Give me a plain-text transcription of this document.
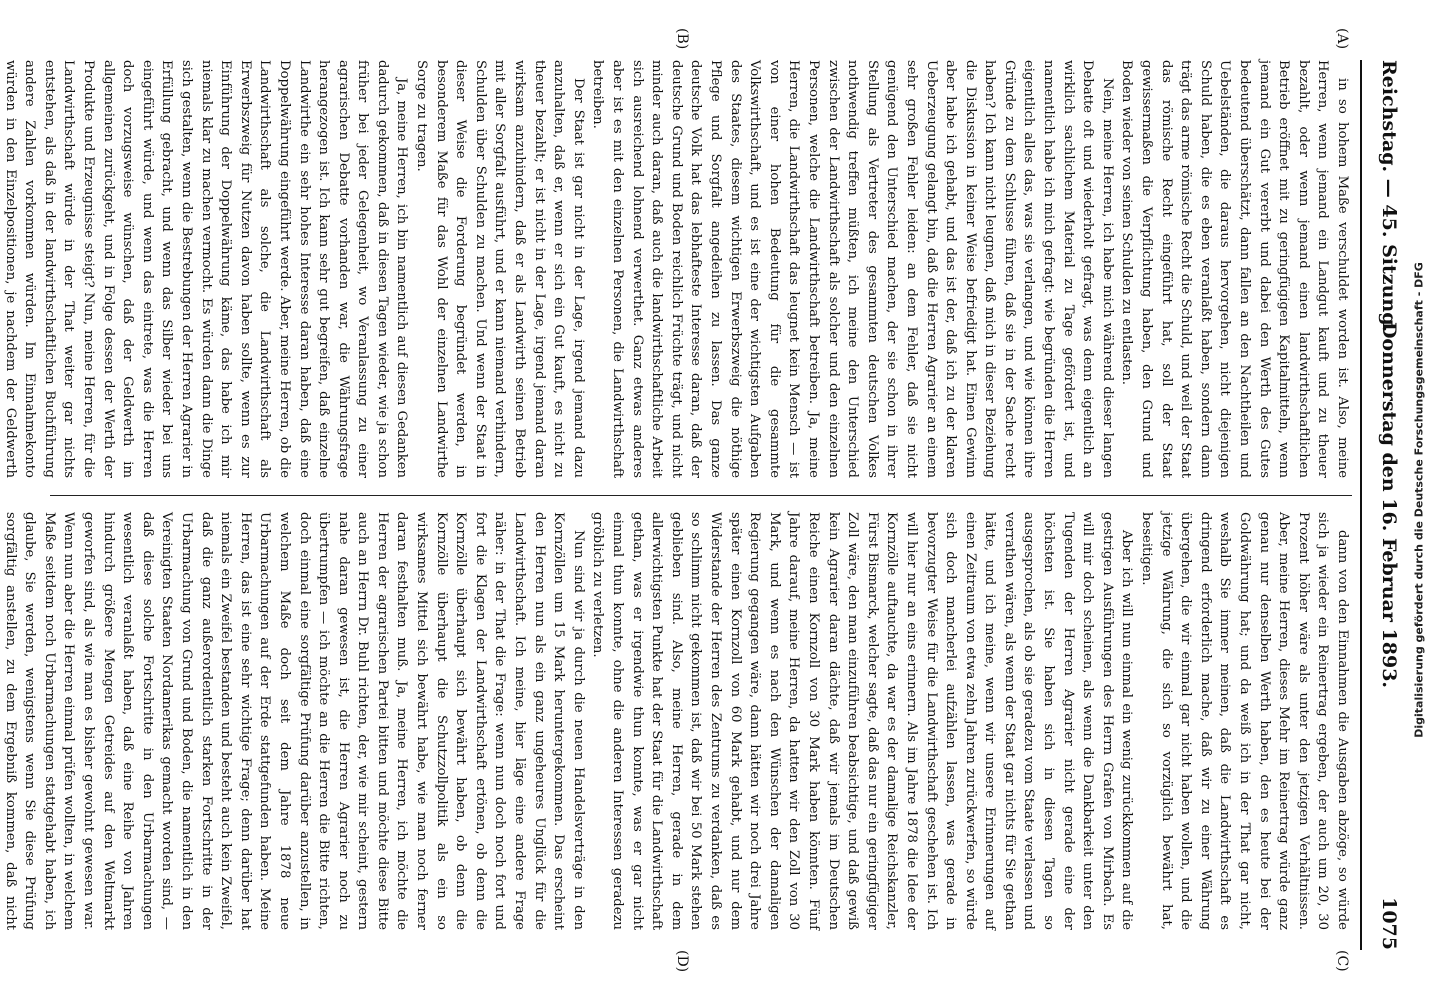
Reichstag. — 45. Sitzung.
Donnerstag den 16. Februar 1893.
1075
(A)
(B)
(C)
(D)

in so hohem Maße verschuldet worden ist. Also, meine Herren, wenn jemand ein Landgut kauft und zu theuer bezahlt, oder wenn jemand einen landwirthschaftlichen Betrieb eröffnet mit zu geringfügigen Kapitalmitteln, wenn jemand ein Gut vererbt und dabei den Werth des Gutes bedeutend überschätzt, dann fallen an den Nachtheilen und Uebelständen, die daraus hervorgehen, nicht diejenigen Schuld haben, die es eben veranlaßt haben, sondern dann trägt das arme römische Recht die Schuld, und weil der Staat das römische Recht eingeführt hat, soll der Staat gewissermaßen die Verpflichtung haben, den Grund und Boden wieder von seinen Schulden zu entlasten.

Nein, meine Herren, ich habe mich während dieser langen Debatte oft und wiederholt gefragt, was denn eigentlich an wirklich sachlichem Material zu Tage gefördert ist, und namentlich habe ich mich gefragt: wie begründen die Herren eigentlich alles das, was sie verlangen, und wie können ihre Gründe zu dem Schlusse führen, daß sie in der Sache recht haben? Ich kann nicht leugnen, daß mich in dieser Beziehung die Diskussion in keiner Weise befriedigt hat. Einen Gewinn aber habe ich gehabt, und das ist der, daß ich zu der klaren Ueberzeugung gelangt bin, daß die Herren Agrarier an einem sehr großen Fehler leiden: an dem Fehler, daß sie nicht genügend den Unterschied machen, der sie schon in ihrer Stellung als Vertreter des gesammten deutschen Volkes nothwendig treffen müßten, ich meine den Unterschied zwischen der Landwirthschaft als solcher und den einzelnen Personen, welche die Landwirthschaft betreiben. Ja, meine Herren, die Landwirthschaft das leugnet kein Mensch — ist von einer hohen Bedeutung für die gesammte Volkswirthschaft, und es ist eine der wichtigsten Aufgaben des Staates, diesem wichtigen Erwerbszweig die nöthige Pflege und Sorgfalt angedeihen zu lassen. Das ganze deutsche Volk hat das lebhafteste Interesse daran, daß der deutsche Grund und Boden reichlich Früchte trägt, und nicht minder auch daran, daß auch die landwirthschaftliche Arbeit sich ausreichend lohnend verwerthet. Ganz etwas anderes aber ist es mit den einzelnen Personen, die Landwirthschaft betreiben.

Der Staat ist gar nicht in der Lage, irgend jemand dazu anzuhalten, daß er, wenn er sich ein Gut kauft, es nicht zu theuer bezahlt; er ist nicht in der Lage, irgend jemand daran wirksam anzuhindern, daß er als Landwirth seinen Betrieb mit aller Sorgfalt ausführt, und er kann niemand verhindern, Schulden über Schulden zu machen. Und wenn der Staat in dieser Weise die Forderung begründet werden, in besonderem Maße für das Wohl der einzelnen Landwirthe Sorge zu tragen.

Ja, meine Herren, ich bin namentlich auf diesen Gedanken dadurch gekommen, daß in diesen Tagen wieder, wie ja schon früher bei jeder Gelegenheit, wo Veranlassung zu einer agrarischen Debatte vorhanden war, die Währungsfrage herangezogen ist. Ich kann sehr gut begreifen, daß einzelne Landwirthe ein sehr hohes Interesse daran haben, daß eine Doppelwährung eingeführt werde. Aber, meine Herren, ob die Landwirthschaft als solche, die Landwirthschaft als Erwerbszweig für Nutzen davon haben sollte, wenn es zur Einführung der Doppelwährung käme, das habe ich mir niemals klar zu machen vermocht. Es würden dann die Dinge sich gestalten, wenn die Bestrebungen der Herren Agrarier in Erfüllung gebracht, und wenn das Silber wieder bei uns eingeführt würde, und wenn das eintrete, was die Herren doch vorzugsweise wünschen, daß der Geldwerth im allgemeinen zurückgeht, und in Folge dessen der Werth der Produkte und Erzeugnisse steigt? Nun, meine Herren, für die Landwirthschaft würde in der That weiter gar nichts entstehen, als daß in der landwirthschaftlichen Buchführung andere Zahlen vorkommen würden. Im Einnahmekonto würden in den Einzelpositionen, je nachdem der Geldwerth

dann von den Einnahmen die Ausgaben abzöge, so würde sich ja wieder ein Reinertrag ergeben, der auch um 20, 30 Prozent höher wäre als unter den jetzigen Verhältnissen. Aber, meine Herren, dieses Mehr im Reinertrag würde ganz genau nur denselben Werth haben, den es heute bei der Goldwährung hat; und da weiß ich in der That gar nicht, weshalb Sie immer meinen, daß die Landwirthschaft es dringend erforderlich mache, daß wir zu einer Währung übergehen, die wir einmal gar nicht haben wollen, und die jetzige Währung, die sich so vorzüglich bewährt hat, beseitigen.

Aber ich will nun einmal ein wenig zurückkommen auf die gestrigen Ausführungen des Herrn Grafen von Mirbach. Es will mir doch scheinen, als wenn die Dankbarkeit unter den Tugenden der Herren Agrarier nicht gerade eine der höchsten ist. Sie haben sich in diesen Tagen so ausgesprochen, als ob sie geradezu vom Staate verlassen und verrathen wären, als wenn der Staat gar nichts für Sie gethan hätte, und ich meine, wenn wir unsere Erinnerungen auf einen Zeitraum von etwa zehn Jahren zurückwerfen, so würde sich doch mancherlei aufzählen lassen, was gerade in bevorzugter Weise für die Landwirthschaft geschehen ist. Ich will hier nur an eins erinnern. Als im Jahre 1878 die Idee der Kornzölle auftauchte, da war es der damalige Reichskanzler, Fürst Bismarck, welcher sagte, daß das nur ein geringfügiger Zoll wäre, den man einzuführen beabsichtige, und daß gewiß kein Agrarier daran dächte, daß wir jemals im Deutschen Reiche einen Kornzoll von 30 Mark haben könnten. Fünf Jahre darauf, meine Herren, da hatten wir den Zoll von 30 Mark, und wenn es nach den Wünschen der damaligen Regierung gegangen wäre, dann hätten wir noch drei Jahre später einen Kornzoll von 60 Mark gehabt, und nur dem Widerstande der Herren des Zentrums zu verdanken, daß es so schlimm nicht gekommen ist, daß wir bei 50 Mark stehen geblieben sind. Also, meine Herren, gerade in dem allerwichtigsten Punkte hat der Staat für die Landwirthschaft gethan, was er irgendwie thun konnte, was er gar nicht einmal thun konnte, ohne die anderen Interessen geradezu gröblich zu verletzen.

Nun sind wir ja durch die neuen Handelsverträge in den Kornzöllen um 15 Mark heruntergekommen. Das erscheint den Herren nun als ein ganz ungeheures Unglück für die Landwirthschaft. Ich meine, hier läge eine andere Frage näher: in der That die Frage: wenn nun doch noch fort und fort die Klagen der Landwirthschaft ertönen, ob denn die Kornzölle überhaupt sich bewährt haben, ob denn die Kornzölle überhaupt die Schutzzollpolitik als ein so wirksames Mittel sich bewährt habe, wie man noch ferner daran festhalten muß. Ja, meine Herren, ich möchte die Herren der agrarischen Partei bitten und möchte diese Bitte auch an Herrn Dr. Buhl richten, der, wie mir scheint, gestern nahe daran gewesen ist, die Herren Agrarier noch zu übertrumpfen — ich möchte an die Herren die Bitte richten, doch einmal eine sorgfältige Prüfung darüber anzustellen, in welchem Maße doch seit dem Jahre 1878 neue Urbarmachungen auf der Erde stattgefunden haben. Meine Herren, das ist eine sehr wichtige Frage; denn darüber hat niemals ein Zweifel bestanden und besteht auch kein Zweifel, daß die ganz außerordentlich starken Fortschritte in der Urbarmachung von Grund und Boden, die namentlich in den Vereinigten Staaten Nordamerikas gemacht worden sind, — daß diese solche Fortschritte in den Urbarmachungen wesentlich veranlaßt haben, daß eine Reihe von Jahren hindurch größere Mengen Getreides auf den Weltmarkt geworfen sind, als wie man es bisher gewohnt gewesen war. Wenn nun aber die Herren einmal prüfen wollten, in welchem Maße seitdem noch Urbarmachungen stattgehabt haben, ich glaube, Sie werden, wenigstens wenn Sie diese Prüfung sorgfältig anstellen, zu dem Ergebniß kommen, daß nicht

Digitalisierung gefördert durch die Deutsche Forschungsgemeinschaft - DFG
